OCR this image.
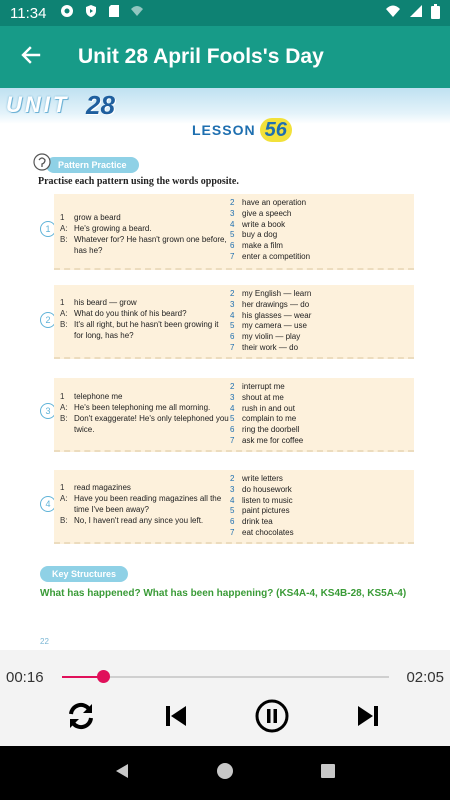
11:34
Unit 28 April Fools's Day
UNIT 28
LESSON 56
Pattern Practice
Practise each pattern using the words opposite.
1
1	grow a beard
A: He's growing a beard.
B: Whatever for? He hasn't grown one before, has he?
2 have an operation
3 give a speech
4 write a book
5 buy a dog
6 make a film
7 enter a competition
2
1	his beard — grow
A: What do you think of his beard?
B: It's all right, but he hasn't been growing it for long, has he?
2 my English — learn
3 her drawings — do
4 his glasses — wear
5 my camera — use
6 my violin — play
7 their work — do
3
1	telephone me
A: He's been telephoning me all morning.
B: Don't exaggerate! He's only telephoned you twice.
2 interrupt me
3 shout at me
4 rush in and out
5 complain to me
6 ring the doorbell
7 ask me for coffee
4
1	read magazines
A: Have you been reading magazines all the time I've been away?
B: No, I haven't read any since you left.
2 write letters
3 do housework
4 listen to music
5 paint pictures
6 drink tea
7 eat chocolates
Key Structures
What has happened? What has been happening? (KS4A-4, KS4B-28, KS5A-4)
22
00:16	02:05
